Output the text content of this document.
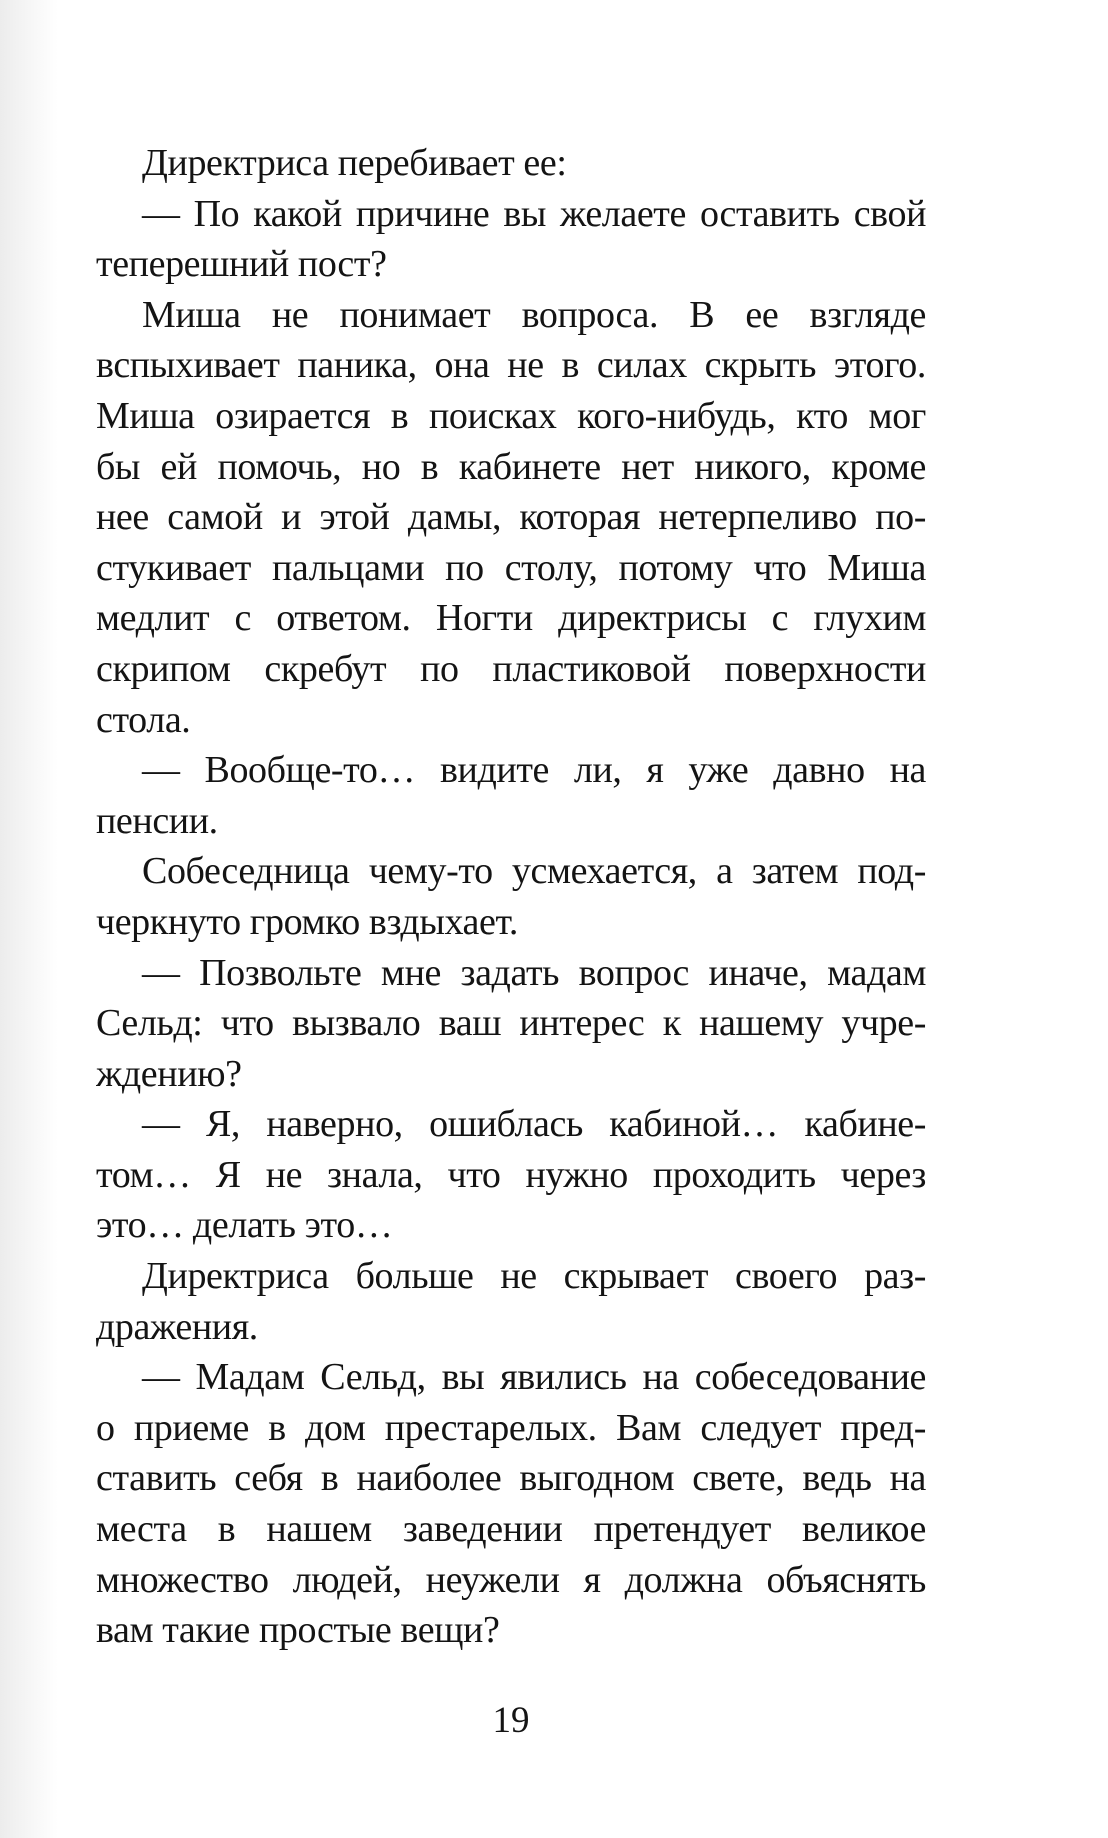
Директриса перебивает ее:
— По какой причине вы желаете оставить свой
теперешний пост?
Миша не понимает вопроса. В ее взгляде
вспыхивает паника, она не в силах скрыть этого.
Миша озирается в поисках кого-нибудь, кто мог
бы ей помочь, но в кабинете нет никого, кроме
нее самой и этой дамы, которая нетерпеливо по-
стукивает пальцами по столу, потому что Миша
медлит с ответом. Ногти директрисы с глухим
скрипом скребут по пластиковой поверхности
стола.
— Вообще-то… видите ли, я уже давно на
пенсии.
Собеседница чему-то усмехается, а затем под-
черкнуто громко вздыхает.
— Позвольте мне задать вопрос иначе, мадам
Сельд: что вызвало ваш интерес к нашему учре-
ждению?
— Я, наверно, ошиблась кабиной… кабине-
том… Я не знала, что нужно проходить через
это… делать это…
Директриса больше не скрывает своего раз-
дражения.
— Мадам Сельд, вы явились на собеседование
о приеме в дом престарелых. Вам следует пред-
ставить себя в наиболее выгодном свете, ведь на
места в нашем заведении претендует великое
множество людей, неужели я должна объяснять
вам такие простые вещи?
19
